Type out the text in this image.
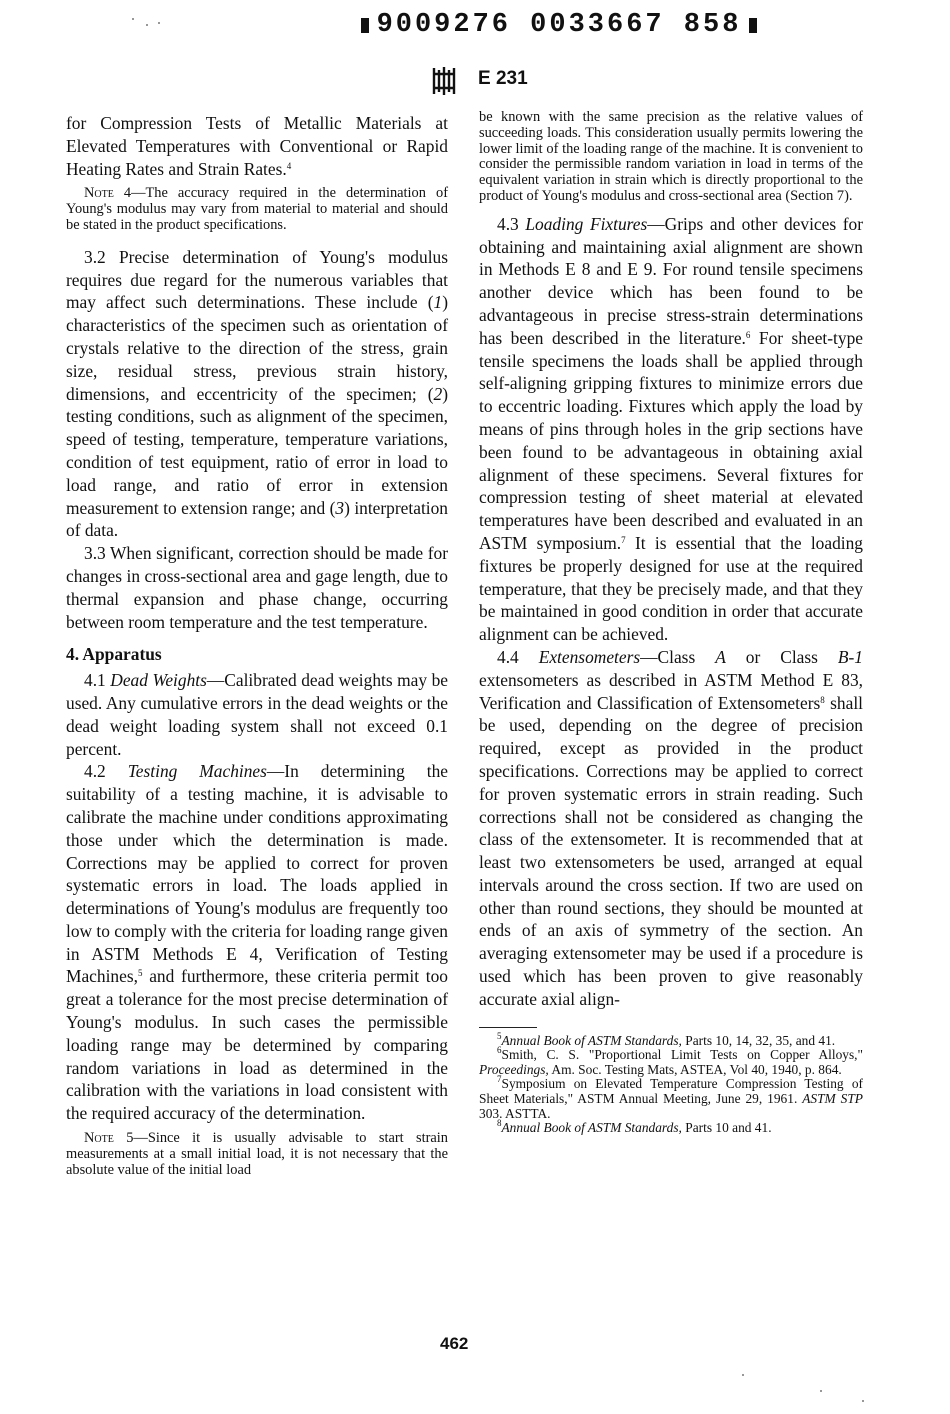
9009276 0033667 858
E 231

for Compression Tests of Metallic Materials at Elevated Temperatures with Conventional or Rapid Heating Rates and Strain Rates.$^4$

Note 4—The accuracy required in the determination of Young's modulus may vary from material to material and should be stated in the product specifications.

3.2 Precise determination of Young's modulus requires due regard for the numerous variables that may affect such determinations. These include (1) characteristics of the specimen such as orientation of crystals relative to the direction of the stress, grain size, residual stress, previous strain history, dimensions, and eccentricity of the specimen; (2) testing conditions, such as alignment of the specimen, speed of testing, temperature, temperature variations, condition of test equipment, ratio of error in load to load range, and ratio of error in extension measurement to extension range; and (3) interpretation of data.

3.3 When significant, correction should be made for changes in cross-sectional area and gage length, due to thermal expansion and phase change, occurring between room temperature and the test temperature.

4. Apparatus

4.1 Dead Weights—Calibrated dead weights may be used. Any cumulative errors in the dead weights or the dead weight loading system shall not exceed 0.1 percent.

4.2 Testing Machines—In determining the suitability of a testing machine, it is advisable to calibrate the machine under conditions approximating those under which the determination is made. Corrections may be applied to correct for proven systematic errors in load. The loads applied in determinations of Young's modulus are frequently too low to comply with the criteria for loading range given in ASTM Methods E 4, Verification of Testing Machines,$^5$ and furthermore, these criteria permit too great a tolerance for the most precise determination of Young's modulus. In such cases the permissible loading range may be determined by comparing random variations in load as determined in the calibration with the variations in load consistent with the required accuracy of the determination.

Note 5—Since it is usually advisable to start strain measurements at a small initial load, it is not necessary that the absolute value of the initial load

be known with the same precision as the relative values of succeeding loads. This consideration usually permits lowering the lower limit of the loading range of the machine. It is convenient to consider the permissible random variation in load in terms of the equivalent variation in strain which is directly proportional to the product of Young's modulus and cross-sectional area (Section 7).

4.3 Loading Fixtures—Grips and other devices for obtaining and maintaining axial alignment are shown in Methods E 8 and E 9. For round tensile specimens another device which has been found to be advantageous in precise stress-strain determinations has been described in the literature.$^6$ For sheet-type tensile specimens the loads shall be applied through self-aligning gripping fixtures to minimize errors due to eccentric loading. Fixtures which apply the load by means of pins through holes in the grip sections have been found to be advantageous in obtaining axial alignment of these specimens. Several fixtures for compression testing of sheet material at elevated temperatures have been described and evaluated in an ASTM symposium.$^7$ It is essential that the loading fixtures be properly designed for use at the required temperature, that they be precisely made, and that they be maintained in good condition in order that accurate alignment can be achieved.

4.4 Extensometers—Class A or Class B-1 extensometers as described in ASTM Method E 83, Verification and Classification of Extensometers$^8$ shall be used, depending on the degree of precision required, except as provided in the product specifications. Corrections may be applied to correct for proven systematic errors in strain reading. Such corrections shall not be considered as changing the class of the extensometer. It is recommended that at least two extensometers be used, arranged at equal intervals around the cross section. If two are used on other than round sections, they should be mounted at ends of an axis of symmetry of the section. An averaging extensometer may be used if a procedure is used which has been proven to give reasonably accurate axial align-

$^5$Annual Book of ASTM Standards, Parts 10, 14, 32, 35, and 41.

$^6$Smith, C. S. "Proportional Limit Tests on Copper Alloys," Proceedings, Am. Soc. Testing Mats, ASTEA, Vol 40, 1940, p. 864.

$^7$Symposium on Elevated Temperature Compression Testing of Sheet Materials," ASTM Annual Meeting, June 29, 1961. ASTM STP 303. ASTTA.

$^8$Annual Book of ASTM Standards, Parts 10 and 41.

462
